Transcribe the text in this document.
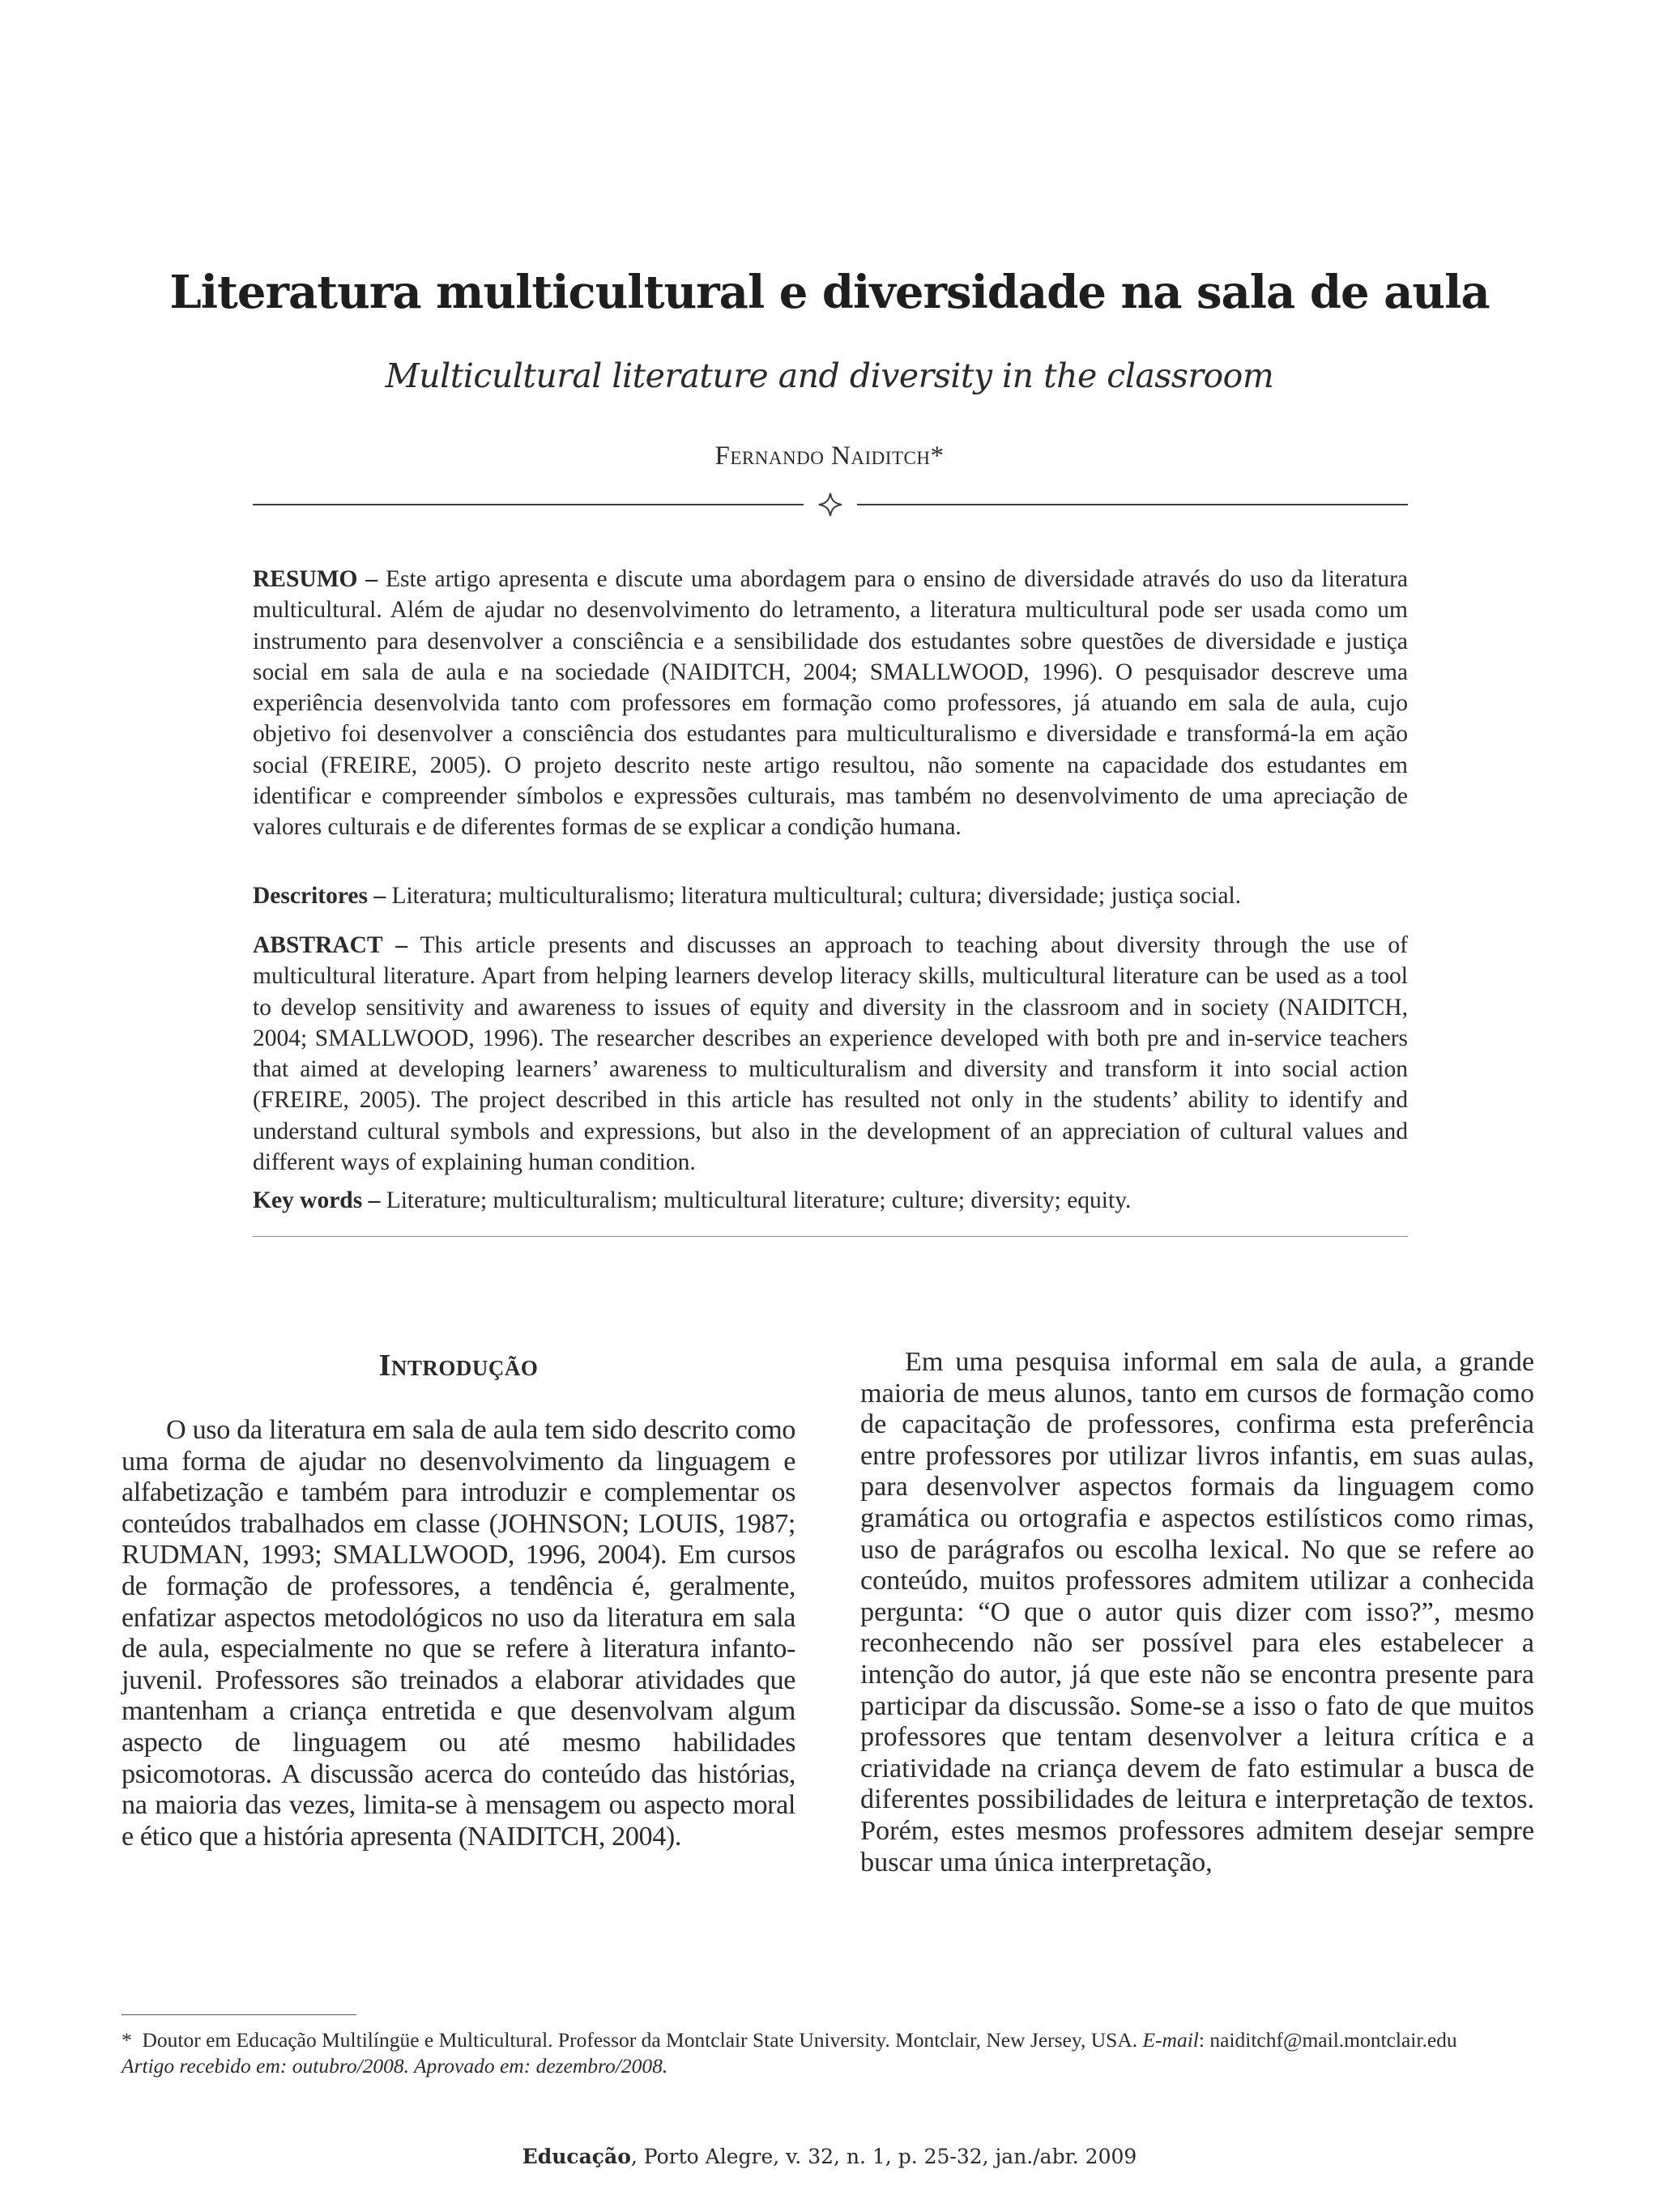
Literatura multicultural e diversidade na sala de aula
Multicultural literature and diversity in the classroom
Fernando Naiditch*
RESUMO – Este artigo apresenta e discute uma abordagem para o ensino de diversidade através do uso da literatura multicultural. Além de ajudar no desenvolvimento do letramento, a literatura multicultural pode ser usada como um instrumento para desenvolver a consciência e a sensibilidade dos estudantes sobre questões de diversidade e justiça social em sala de aula e na sociedade (NAIDITCH, 2004; SMALLWOOD, 1996). O pesquisador descreve uma experiência desenvolvida tanto com professores em formação como professores, já atuando em sala de aula, cujo objetivo foi desenvolver a consciência dos estudantes para multiculturalismo e diversidade e transformá-la em ação social (FREIRE, 2005). O projeto descrito neste artigo resultou, não somente na capacidade dos estudantes em identificar e compreender símbolos e expressões culturais, mas também no desenvolvimento de uma apreciação de valores culturais e de diferentes formas de se explicar a condição humana.
Descritores – Literatura; multiculturalismo; literatura multicultural; cultura; diversidade; justiça social.
ABSTRACT – This article presents and discusses an approach to teaching about diversity through the use of multicultural literature. Apart from helping learners develop literacy skills, multicultural literature can be used as a tool to develop sensitivity and awareness to issues of equity and diversity in the classroom and in society (NAIDITCH, 2004; SMALLWOOD, 1996). The researcher describes an experience developed with both pre and in-service teachers that aimed at developing learners’ awareness to multiculturalism and diversity and transform it into social action (FREIRE, 2005). The project described in this article has resulted not only in the students’ ability to identify and understand cultural symbols and expressions, but also in the development of an appreciation of cultural values and different ways of explaining human condition.
Key words – Literature; multiculturalism; multicultural literature; culture; diversity; equity.
Introdução

O uso da literatura em sala de aula tem sido descrito como uma forma de ajudar no desenvolvimento da linguagem e alfabetização e também para introduzir e complementar os conteúdos trabalhados em classe (JOHNSON; LOUIS, 1987; RUDMAN, 1993; SMALLWOOD, 1996, 2004). Em cursos de formação de professores, a tendência é, geralmente, enfatizar aspectos metodológicos no uso da literatura em sala de aula, especialmente no que se refere à literatura infanto-juvenil. Professores são treinados a elaborar atividades que mantenham a criança entretida e que desenvolvam algum aspecto de linguagem ou até mesmo habilidades psicomotoras. A discussão acerca do conteúdo das histórias, na maioria das vezes, limita-se à mensagem ou aspecto moral e ético que a história apresenta (NAIDITCH, 2004).

Em uma pesquisa informal em sala de aula, a grande maioria de meus alunos, tanto em cursos de formação como de capacitação de professores, confirma esta preferência entre professores por utilizar livros infantis, em suas aulas, para desenvolver aspectos formais da linguagem como gramática ou ortografia e aspectos estilísticos como rimas, uso de parágrafos ou escolha lexical. No que se refere ao conteúdo, muitos professores admitem utilizar a conhecida pergunta: “O que o autor quis dizer com isso?”, mesmo reconhecendo não ser possível para eles estabelecer a intenção do autor, já que este não se encontra presente para participar da discussão. Some-se a isso o fato de que muitos professores que tentam desenvolver a leitura crítica e a criatividade na criança devem de fato estimular a busca de diferentes possibilidades de leitura e interpretação de textos. Porém, estes mesmos professores admitem desejar sempre buscar uma única interpretação,

* Doutor em Educação Multilíngüe e Multicultural. Professor da Montclair State University. Montclair, New Jersey, USA. E-mail: naiditchf@mail.montclair.edu
Artigo recebido em: outubro/2008. Aprovado em: dezembro/2008.
Educação, Porto Alegre, v. 32, n. 1, p. 25-32, jan./abr. 2009
